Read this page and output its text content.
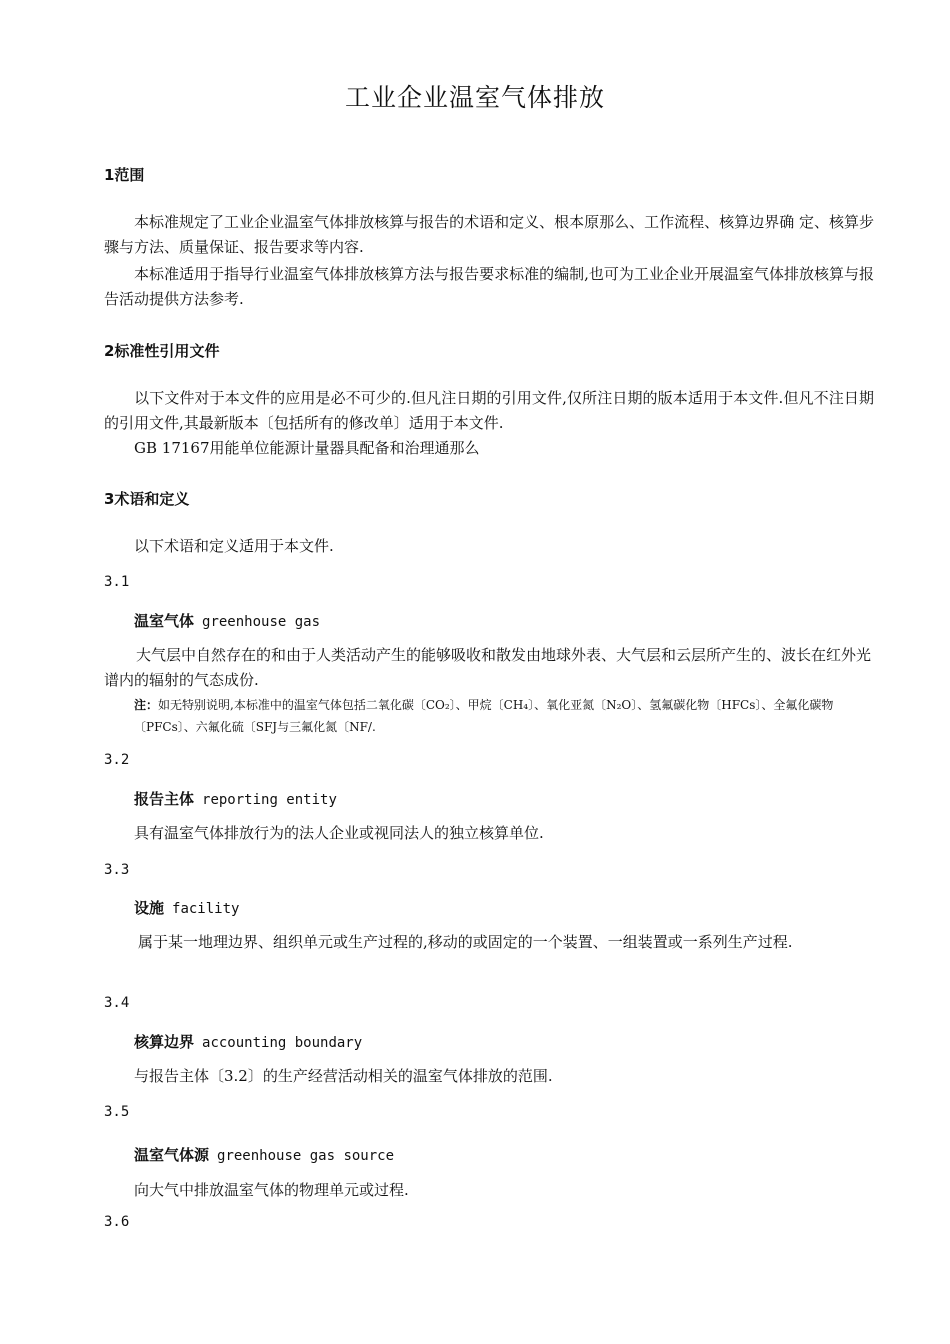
工业企业温室气体排放
1范围
本标准规定了工业企业温室气体排放核算与报告的术语和定义、根本原那么、工作流程、核算边界确 定、核算步骤与方法、质量保证、报告要求等内容.
本标准适用于指导行业温室气体排放核算方法与报告要求标准的编制,也可为工业企业开展温室气体排放核算与报告活动提供方法参考.
2标准性引用文件
以下文件对于本文件的应用是必不可少的.但凡注日期的引用文件,仅所注日期的版本适用于本文件.但凡不注日期的引用文件,其最新版本〔包括所有的修改单〕适用于本文件.
GB 17167用能单位能源计量器具配备和治理通那么
3术语和定义
以下术语和定义适用于本文件.
3.1
温室气体 greenhouse gas
大气层中自然存在的和由于人类活动产生的能够吸收和散发由地球外表、大气层和云层所产生的、波长在红外光谱内的辐射的气态成份.
注：如无特别说明,本标准中的温室气体包括二氧化碳〔CO₂〕、甲烷〔CH₄〕、氧化亚氮〔N₂O〕、氢氟碳化物〔HFCs〕、全氟化碳物〔PFCs〕、六氟化硫〔SFJ与三氟化氮〔NF/.
3.2
报告主体 reporting entity
具有温室气体排放行为的法人企业或视同法人的独立核算单位.
3.3
设施 facility
属于某一地理边界、组织单元或生产过程的,移动的或固定的一个装置、一组装置或一系列生产过程.
3.4
核算边界 accounting boundary
与报告主体〔3.2〕的生产经营活动相关的温室气体排放的范围.
3.5
温室气体源 greenhouse gas source
向大气中排放温室气体的物理单元或过程.
3.6
